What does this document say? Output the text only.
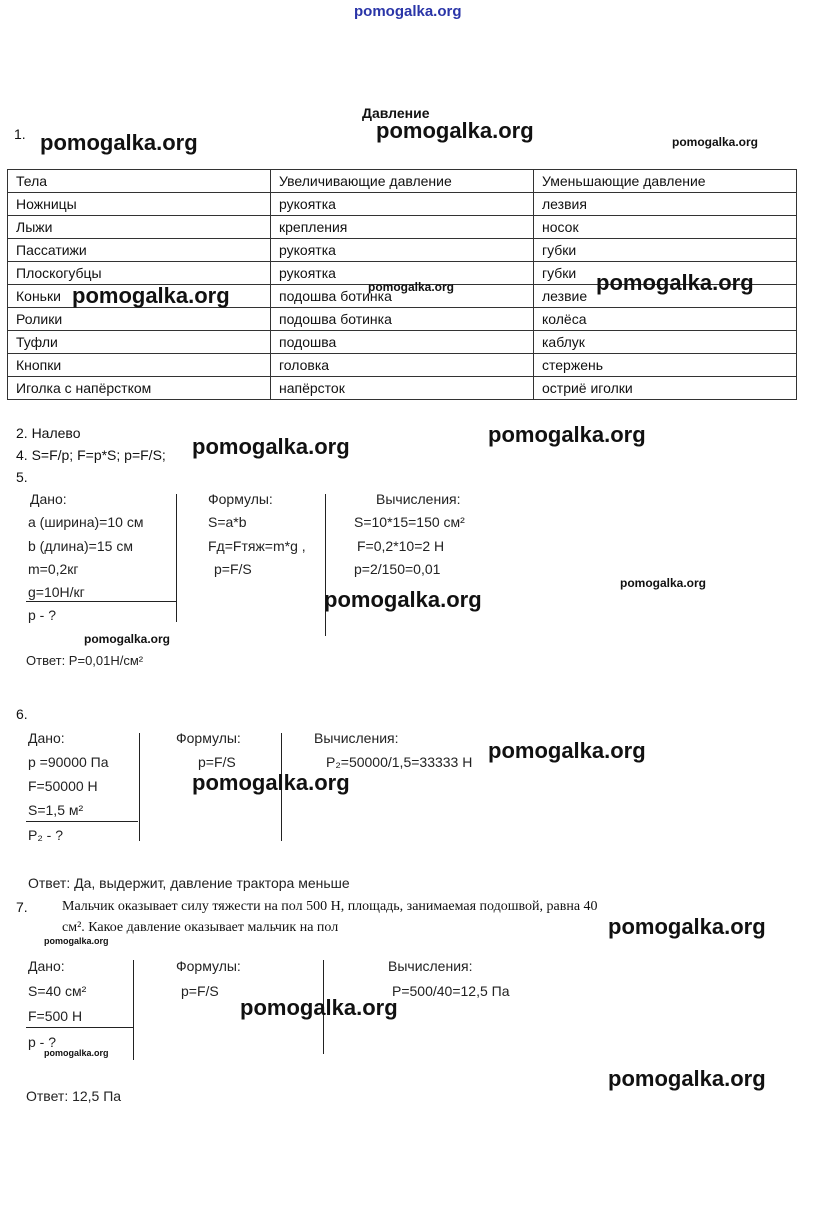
pomogalka.org
Давление
1.
Тела	Увеличивающие давление	Уменьшающие давление
Ножницы	рукоятка	лезвия
Лыжи	крепления	носок
Пассатижи	рукоятка	губки
Плоскогубцы	рукоятка	губки
Коньки	подошва ботинка	лезвие
Ролики	подошва ботинка	колёса
Туфли	подошва	каблук
Кнопки	головка	стержень
Иголка с напёрстком	напёрсток	остриё иголки
2. Налево
4. S=F/p; F=p*S; p=F/S;
5.
Дано:
a (ширина)=10 см
b (длина)=15 см
m=0,2кг
g=10Н/кг
p - ?
Формулы:
S=a*b
Fд=Fтяж=m*g ,
p=F/S
Вычисления:
S=10*15=150 см²
F=0,2*10=2 Н
p=2/150=0,01
Ответ: P=0,01Н/см²
6.
Дано:
p =90000 Па
F=50000 Н
S=1,5 м²
P₂ - ?
Формулы:
p=F/S
Вычисления:
P₂=50000/1,5=33333 Н
Ответ: Да, выдержит, давление трактора меньше
7. Мальчик оказывает силу тяжести на пол 500 Н, площадь, занимаемая подошвой, равна 40
см². Какое давление оказывает мальчик на пол
Дано:
S=40 см²
F=500 Н
p - ?
Формулы:
p=F/S
Вычисления:
P=500/40=12,5 Па
Ответ: 12,5 Па
pomogalka.org	pomogalka.org	pomogalka.org
pomogalka.org	pomogalka.org	pomogalka.org
pomogalka.org	pomogalka.org
pomogalka.org
pomogalka.org
pomogalka.org
pomogalka.org
pomogalka.org
pomogalka.org
pomogalka.org
pomogalka.org
pomogalka.org
pomogalka.org
